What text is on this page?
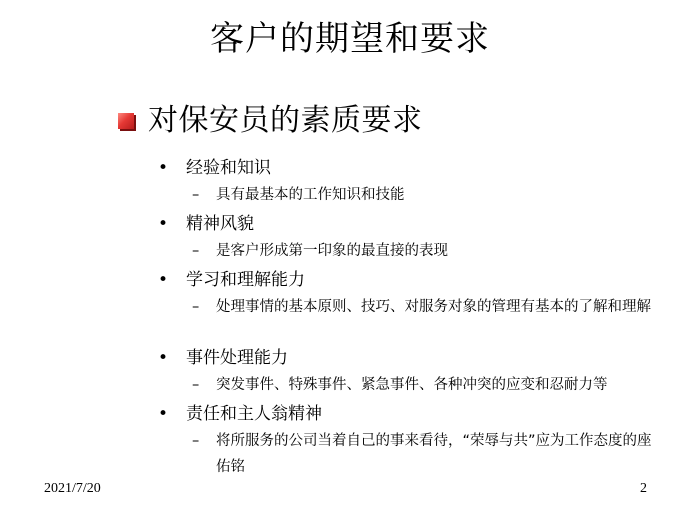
客户的期望和要求
对保安员的素质要求
•	经验和知识
–	具有最基本的工作知识和技能
•	精神风貌
–	是客户形成第一印象的最直接的表现
•	学习和理解能力
–	处理事情的基本原则、技巧、对服务对象的管理有基本的了解和理解
•	事件处理能力
–	突发事件、特殊事件、紧急事件、各种冲突的应变和忍耐力等
•	责任和主人翁精神
–	将所服务的公司当着自己的事来看待，“荣辱与共”应为工作态度的座佑铭
2021/7/20	2
